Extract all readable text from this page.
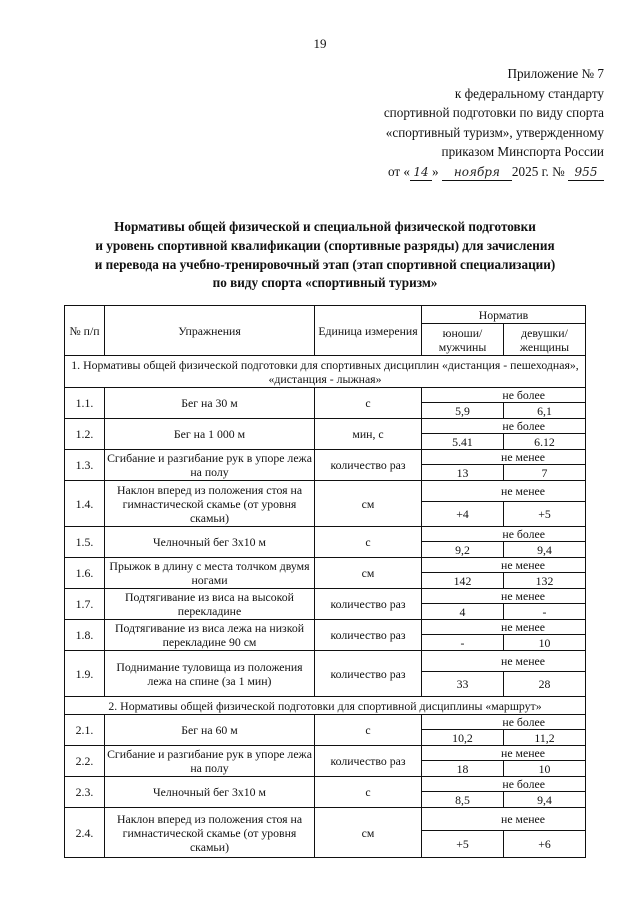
19
Приложение № 7
к федеральному стандарту
спортивной подготовки по виду спорта
«спортивный туризм», утвержденному
приказом Минспорта России
от « 14 » ноября 2025 г. № 955
Нормативы общей физической и специальной физической подготовки
и уровень спортивной квалификации (спортивные разряды) для зачисления
и перевода на учебно-тренировочный этап (этап спортивной специализации)
по виду спорта «спортивный туризм»
№ п/п	Упражнения	Единица измерения	Норматив	
			юноши/ мужчины	девушки/ женщины
1. Нормативы общей физической подготовки для спортивных дисциплин «дистанция - пешеходная», «дистанция - лыжная»				
1.1.	Бег на 30 м	с	не более	
			5,9	6,1
1.2.	Бег на 1 000 м	мин, с	не более	
			5.41	6.12
1.3.	Сгибание и разгибание рук в упоре лежа на полу	количество раз	не менее	
			13	7
1.4.	Наклон вперед из положения стоя на гимнастической скамье (от уровня скамьи)	см	не менее	
			+4	+5
1.5.	Челночный бег 3х10 м	с	не более	
			9,2	9,4
1.6.	Прыжок в длину с места толчком двумя ногами	см	не менее	
			142	132
1.7.	Подтягивание из виса на высокой перекладине	количество раз	не менее	
			4	-
1.8.	Подтягивание из виса лежа на низкой перекладине 90 см	количество раз	не менее	
			-	10
1.9.	Поднимание туловища из положения лежа на спине (за 1 мин)	количество раз	не менее	
			33	28
2. Нормативы общей физической подготовки для спортивной дисциплины «маршрут»				
2.1.	Бег на 60 м	с	не более	
			10,2	11,2
2.2.	Сгибание и разгибание рук в упоре лежа на полу	количество раз	не менее	
			18	10
2.3.	Челночный бег 3х10 м	с	не более	
			8,5	9,4
2.4.	Наклон вперед из положения стоя на гимнастической скамье (от уровня скамьи)	см	не менее	
			+5	+6
